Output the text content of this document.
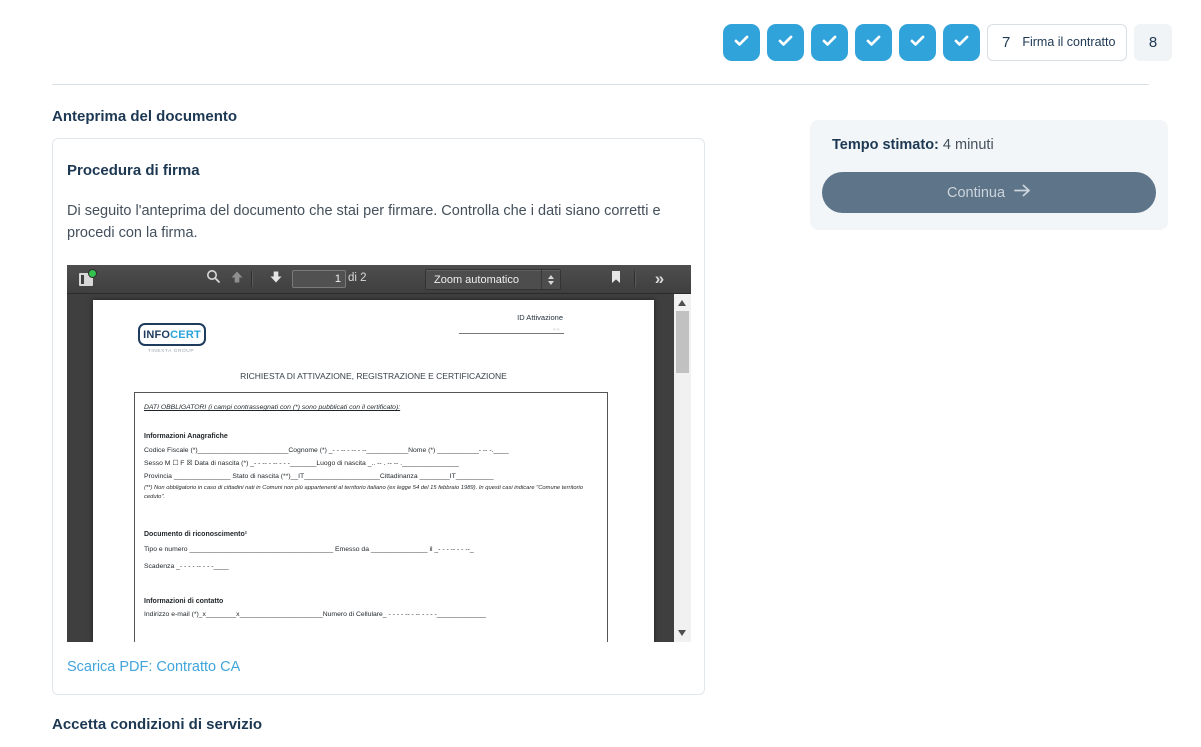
7 Firma il contratto	8
Anteprima del documento
Procedura di firma

Di seguito l'anteprima del documento che stai per firmare. Controlla che i dati siano corretti e procedi con la firma.

1
di 2	Zoom automatico	»
ID Attivazione
- -
INFO CERT
TINEXTA GROUP
RICHIESTA DI ATTIVAZIONE, REGISTRAZIONE E CERTIFICAZIONE
DATI OBBLIGATORI (i campi contrassegnati con (*) sono pubblicati con il certificato):
Informazioni Anagrafiche
Codice Fiscale (*)________________________Cognome (*) _- - -- - -- - --___________Nome (*) ___________- -- -.____
Sesso M ☐ F ☒ Data di nascita (*) _- - -- - -- - - -_______Luogo di nascita _.. -- . -- -- ._______________
Provincia _______________ Stato di nascita (**)__IT____________________Cittadinanza ________IT__________
(**) Non obbligatorio in caso di cittadini nati in Comuni non più appartenenti al territorio italiano (ex legge 54 del 15 febbraio 1989). In questi casi indicare "Comune territorio ceduto".
Documento di riconoscimento¹
Tipo e numero ______________________________________ Emesso da _______________ il _- - - -- - - --_
Scadenza _- - - - -- - - -____
Informazioni di contatto
Indirizzo e-mail (*)_x________x______________________Numero di Cellulare_ - - - - -- - -- - - - -_____________
Scarica PDF: Contratto CA
Accetta condizioni di servizio
Tempo stimato: 4 minuti
Continua
